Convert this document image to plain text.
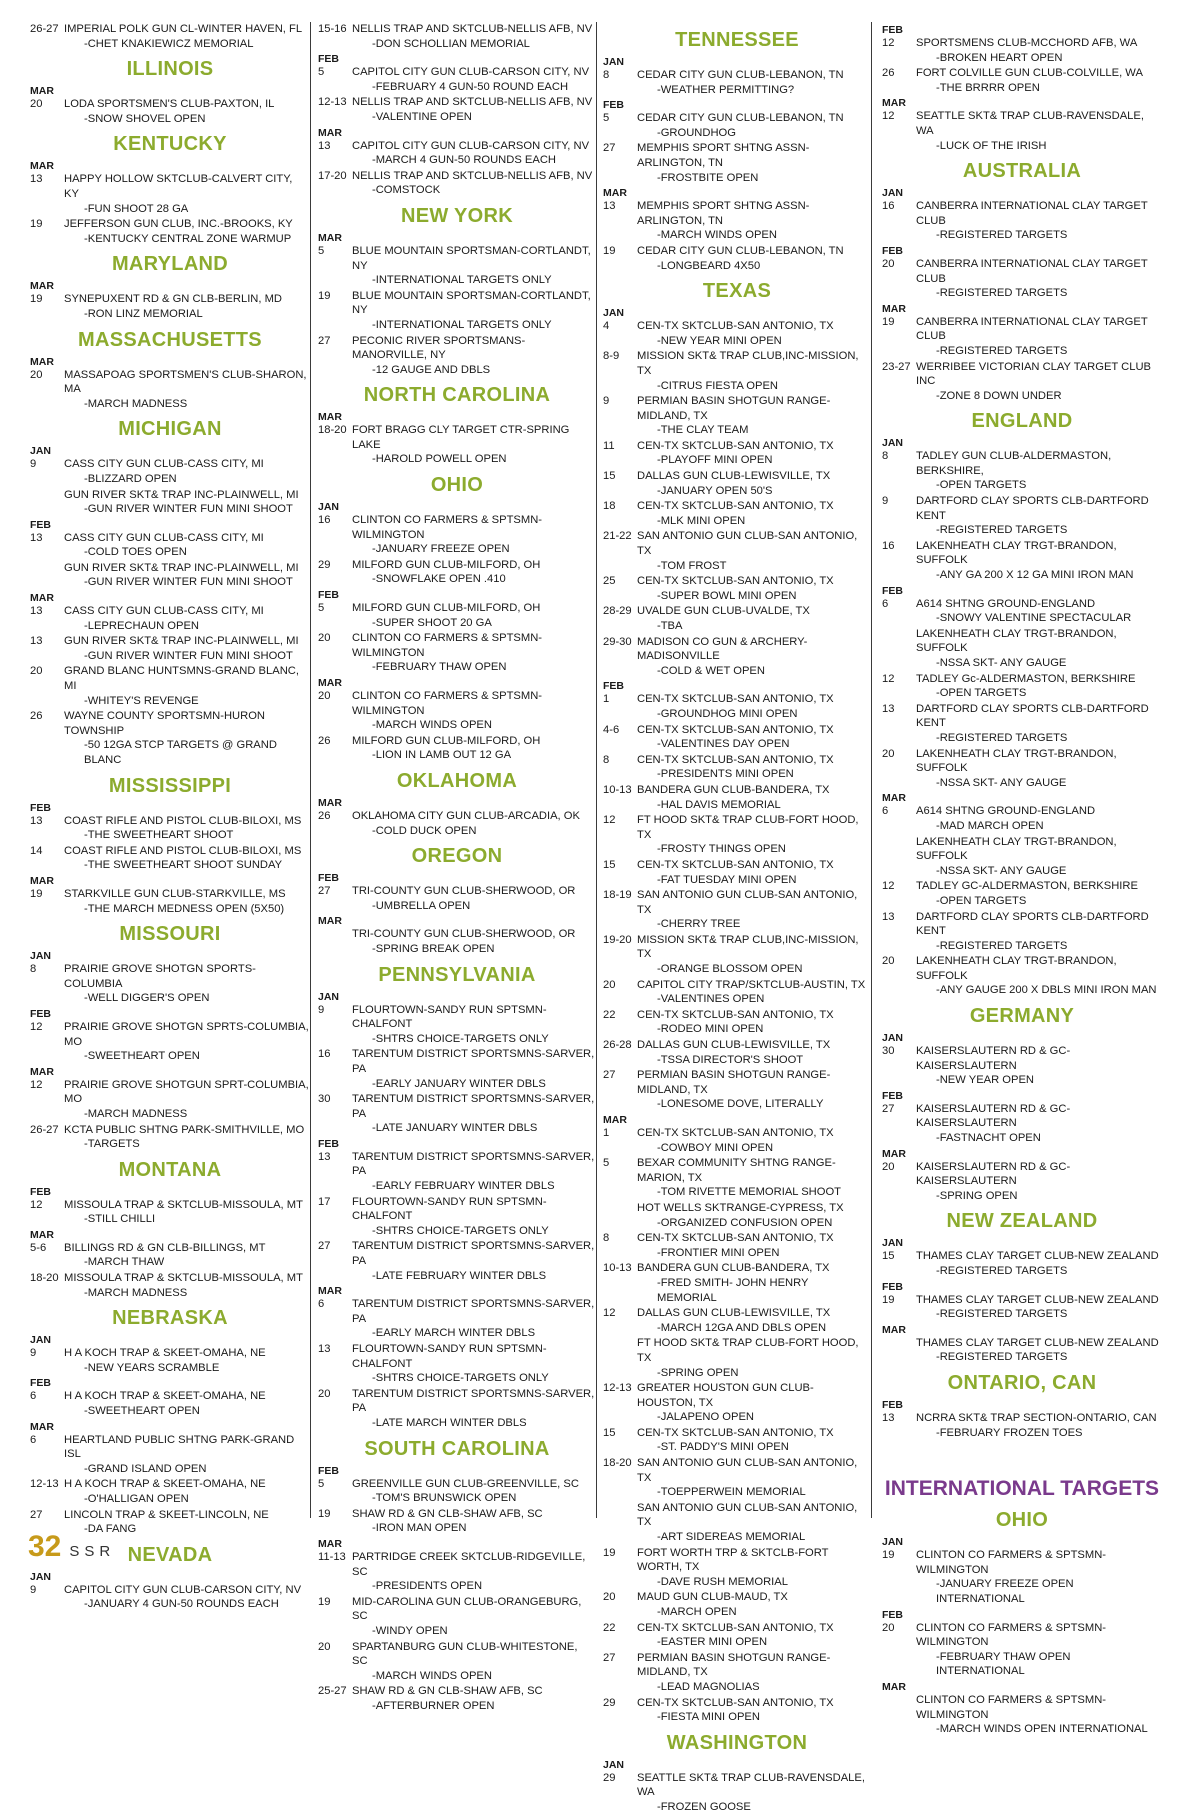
26-27 IMPERIAL POLK GUN CL-WINTER HAVEN, FL
-CHET KNAKIEWICZ MEMORIAL
ILLINOIS
MAR
20	LODA SPORTSMEN'S CLUB-PAXTON, IL
-SNOW SHOVEL OPEN
KENTUCKY
MAR
13	HAPPY HOLLOW SKTCLUB-CALVERT CITY, KY
-FUN SHOOT 28 GA
19	JEFFERSON GUN CLUB, INC.-BROOKS, KY
-KENTUCKY CENTRAL ZONE WARMUP
MARYLAND
MAR
19	SYNEPUXENT RD & GN CLB-BERLIN, MD
-RON LINZ MEMORIAL
MASSACHUSETTS
MAR
20	MASSAPOAG SPORTSMEN'S CLUB-SHARON, MA
-MARCH MADNESS
MICHIGAN
JAN
9	CASS CITY GUN CLUB-CASS CITY, MI
-BLIZZARD OPEN
GUN RIVER SKT& TRAP INC-PLAINWELL, MI
-GUN RIVER WINTER FUN MINI SHOOT
FEB
13	CASS CITY GUN CLUB-CASS CITY, MI
-COLD TOES OPEN
GUN RIVER SKT& TRAP INC-PLAINWELL, MI
-GUN RIVER WINTER FUN MINI SHOOT
MAR
13	CASS CITY GUN CLUB-CASS CITY, MI
-LEPRECHAUN OPEN
13	GUN RIVER SKT& TRAP INC-PLAINWELL, MI
-GUN RIVER WINTER FUN MINI SHOOT
20	GRAND BLANC HUNTSMNS-GRAND BLANC, MI
-WHITEY'S REVENGE
26	WAYNE COUNTY SPORTSMN-HURON TOWNSHIP
-50 12GA STCP TARGETS @ GRAND BLANC
MISSISSIPPI
FEB
13	COAST RIFLE AND PISTOL CLUB-BILOXI, MS
-THE SWEETHEART SHOOT
14	COAST RIFLE AND PISTOL CLUB-BILOXI, MS
-THE SWEETHEART SHOOT SUNDAY
MAR
19	STARKVILLE GUN CLUB-STARKVILLE, MS
-THE MARCH MEDNESS OPEN (5X50)
MISSOURI
JAN
8	PRAIRIE GROVE SHOTGN SPORTS-COLUMBIA
-WELL DIGGER'S OPEN
FEB
12	PRAIRIE GROVE SHOTGN SPRTS-COLUMBIA, MO
-SWEETHEART OPEN
MAR
12	PRAIRIE GROVE SHOTGUN SPRT-COLUMBIA, MO
-MARCH MADNESS
26-27 KCTA PUBLIC SHTNG PARK-SMITHVILLE, MO
-TARGETS
MONTANA
FEB
12	MISSOULA TRAP & SKTCLUB-MISSOULA, MT
-STILL CHILLI
MAR
5-6	BILLINGS RD & GN CLB-BILLINGS, MT
-MARCH THAW
18-20 MISSOULA TRAP & SKTCLUB-MISSOULA, MT
-MARCH MADNESS
NEBRASKA
JAN
9	H A KOCH TRAP & SKEET-OMAHA, NE
-NEW YEARS SCRAMBLE
FEB
6	H A KOCH TRAP & SKEET-OMAHA, NE
-SWEETHEART OPEN
MAR
6	HEARTLAND PUBLIC SHTNG PARK-GRAND ISL
-GRAND ISLAND OPEN
12-13 H A KOCH TRAP & SKEET-OMAHA, NE
-O'HALLIGAN OPEN
27	LINCOLN TRAP & SKEET-LINCOLN, NE
-DA FANG
NEVADA
JAN
9	CAPITOL CITY GUN CLUB-CARSON CITY, NV
-JANUARY 4 GUN-50 ROUNDS EACH
15-16 NELLIS TRAP AND SKTCLUB-NELLIS AFB, NV
-DON SCHOLLIAN MEMORIAL
FEB
5	CAPITOL CITY GUN CLUB-CARSON CITY, NV
-FEBRUARY 4 GUN-50 ROUND EACH
12-13 NELLIS TRAP AND SKTCLUB-NELLIS AFB, NV
-VALENTINE OPEN
MAR
13	CAPITOL CITY GUN CLUB-CARSON CITY, NV
-MARCH 4 GUN-50 ROUNDS EACH
17-20 NELLIS TRAP AND SKTCLUB-NELLIS AFB, NV
-COMSTOCK
NEW YORK
MAR
5	BLUE MOUNTAIN SPORTSMAN-CORTLANDT, NY
-INTERNATIONAL TARGETS ONLY
19	BLUE MOUNTAIN SPORTSMAN-CORTLANDT, NY
-INTERNATIONAL TARGETS ONLY
27	PECONIC RIVER SPORTSMANS-MANORVILLE, NY
-12 GAUGE AND DBLS
NORTH CAROLINA
MAR
18-20 FORT BRAGG CLY TARGET CTR-SPRING LAKE
-HAROLD POWELL OPEN
OHIO
JAN
16	CLINTON CO FARMERS & SPTSMN-WILMINGTON
-JANUARY FREEZE OPEN
29	MILFORD GUN CLUB-MILFORD, OH
-SNOWFLAKE OPEN .410
FEB
5	MILFORD GUN CLUB-MILFORD, OH
-SUPER SHOOT 20 GA
20	CLINTON CO FARMERS & SPTSMN-WILMINGTON
-FEBRUARY THAW OPEN
MAR
20	CLINTON CO FARMERS & SPTSMN-WILMINGTON
-MARCH WINDS OPEN
26	MILFORD GUN CLUB-MILFORD, OH
-LION IN LAMB OUT 12 GA
OKLAHOMA
MAR
26	OKLAHOMA CITY GUN CLUB-ARCADIA, OK
-COLD DUCK OPEN
OREGON
FEB
27	TRI-COUNTY GUN CLUB-SHERWOOD, OR
-UMBRELLA OPEN
MAR
TRI-COUNTY GUN CLUB-SHERWOOD, OR
-SPRING BREAK OPEN
PENNSYLVANIA
JAN
9	FLOURTOWN-SANDY RUN SPTSMN-CHALFONT
-SHTRS CHOICE-TARGETS ONLY
16	TARENTUM DISTRICT SPORTSMNS-SARVER, PA
-EARLY JANUARY WINTER DBLS
30	TARENTUM DISTRICT SPORTSMNS-SARVER, PA
-LATE JANUARY WINTER DBLS
FEB
13	TARENTUM DISTRICT SPORTSMNS-SARVER, PA
-EARLY FEBRUARY WINTER DBLS
17	FLOURTOWN-SANDY RUN SPTSMN-CHALFONT
-SHTRS CHOICE-TARGETS ONLY
27	TARENTUM DISTRICT SPORTSMNS-SARVER, PA
-LATE FEBRUARY WINTER DBLS
MAR
6	TARENTUM DISTRICT SPORTSMNS-SARVER, PA
-EARLY MARCH WINTER DBLS
13	FLOURTOWN-SANDY RUN SPTSMN-CHALFONT
-SHTRS CHOICE-TARGETS ONLY
20	TARENTUM DISTRICT SPORTSMNS-SARVER, PA
-LATE MARCH WINTER DBLS
SOUTH CAROLINA
FEB
5	GREENVILLE GUN CLUB-GREENVILLE, SC
-TOM'S BRUNSWICK OPEN
19	SHAW RD & GN CLB-SHAW AFB, SC
-IRON MAN OPEN
MAR
11-13 PARTRIDGE CREEK SKTCLUB-RIDGEVILLE, SC
-PRESIDENTS OPEN
19	MID-CAROLINA GUN CLUB-ORANGEBURG, SC
-WINDY OPEN
20	SPARTANBURG GUN CLUB-WHITESTONE, SC
-MARCH WINDS OPEN
25-27 SHAW RD & GN CLB-SHAW AFB, SC
-AFTERBURNER OPEN
TENNESSEE
JAN
8	CEDAR CITY GUN CLUB-LEBANON, TN
-WEATHER PERMITTING?
FEB
5	CEDAR CITY GUN CLUB-LEBANON, TN
-GROUNDHOG
27	MEMPHIS SPORT SHTNG ASSN-ARLINGTON, TN
-FROSTBITE OPEN
MAR
13	MEMPHIS SPORT SHTNG ASSN-ARLINGTON, TN
-MARCH WINDS OPEN
19	CEDAR CITY GUN CLUB-LEBANON, TN
-LONGBEARD 4X50
TEXAS
JAN
4	CEN-TX SKTCLUB-SAN ANTONIO, TX
-NEW YEAR MINI OPEN
8-9	MISSION SKT& TRAP CLUB,INC-MISSION, TX
-CITRUS FIESTA OPEN
9	PERMIAN BASIN SHOTGUN RANGE-MIDLAND, TX
-THE CLAY TEAM
11	CEN-TX SKTCLUB-SAN ANTONIO, TX
-PLAYOFF MINI OPEN
15	DALLAS GUN CLUB-LEWISVILLE, TX
-JANUARY OPEN 50'S
18	CEN-TX SKTCLUB-SAN ANTONIO, TX
-MLK MINI OPEN
21-22 SAN ANTONIO GUN CLUB-SAN ANTONIO, TX
-TOM FROST
25	CEN-TX SKTCLUB-SAN ANTONIO, TX
-SUPER BOWL MINI OPEN
28-29 UVALDE GUN CLUB-UVALDE, TX
-TBA
29-30 MADISON CO GUN & ARCHERY-MADISONVILLE
-COLD & WET OPEN
FEB
1	CEN-TX SKTCLUB-SAN ANTONIO, TX
-GROUNDHOG MINI OPEN
4-6	CEN-TX SKTCLUB-SAN ANTONIO, TX
-VALENTINES DAY OPEN
8	CEN-TX SKTCLUB-SAN ANTONIO, TX
-PRESIDENTS MINI OPEN
10-13 BANDERA GUN CLUB-BANDERA, TX
-HAL DAVIS MEMORIAL
12	FT HOOD SKT& TRAP CLUB-FORT HOOD, TX
-FROSTY THINGS OPEN
15	CEN-TX SKTCLUB-SAN ANTONIO, TX
-FAT TUESDAY MINI OPEN
18-19 SAN ANTONIO GUN CLUB-SAN ANTONIO, TX
-CHERRY TREE
19-20 MISSION SKT& TRAP CLUB,INC-MISSION, TX
-ORANGE BLOSSOM OPEN
20	CAPITOL CITY TRAP/SKTCLUB-AUSTIN, TX
-VALENTINES OPEN
22	CEN-TX SKTCLUB-SAN ANTONIO, TX
-RODEO MINI OPEN
26-28 DALLAS GUN CLUB-LEWISVILLE, TX
-TSSA DIRECTOR'S SHOOT
27	PERMIAN BASIN SHOTGUN RANGE-MIDLAND, TX
-LONESOME DOVE, LITERALLY
MAR
1	CEN-TX SKTCLUB-SAN ANTONIO, TX
-COWBOY MINI OPEN
5	BEXAR COMMUNITY SHTNG RANGE-MARION, TX
-TOM RIVETTE MEMORIAL SHOOT
HOT WELLS SKTRANGE-CYPRESS, TX
-ORGANIZED CONFUSION OPEN
8	CEN-TX SKTCLUB-SAN ANTONIO, TX
-FRONTIER MINI OPEN
10-13 BANDERA GUN CLUB-BANDERA, TX
-FRED SMITH- JOHN HENRY MEMORIAL
12	DALLAS GUN CLUB-LEWISVILLE, TX
-MARCH 12GA AND DBLS OPEN
FT HOOD SKT& TRAP CLUB-FORT HOOD, TX
-SPRING OPEN
12-13 GREATER HOUSTON GUN CLUB-HOUSTON, TX
-JALAPENO OPEN
15	CEN-TX SKTCLUB-SAN ANTONIO, TX
-ST. PADDY'S MINI OPEN
18-20 SAN ANTONIO GUN CLUB-SAN ANTONIO, TX
-TOEPPERWEIN MEMORIAL
SAN ANTONIO GUN CLUB-SAN ANTONIO, TX
-ART SIDEREAS MEMORIAL
19	FORT WORTH TRP & SKTCLB-FORT WORTH, TX
-DAVE RUSH MEMORIAL
20	MAUD GUN CLUB-MAUD, TX
-MARCH OPEN
22	CEN-TX SKTCLUB-SAN ANTONIO, TX
-EASTER MINI OPEN
27	PERMIAN BASIN SHOTGUN RANGE-MIDLAND, TX
-LEAD MAGNOLIAS
29	CEN-TX SKTCLUB-SAN ANTONIO, TX
-FIESTA MINI OPEN
WASHINGTON
JAN
29	SEATTLE SKT& TRAP CLUB-RAVENSDALE, WA
-FROZEN GOOSE
FEB
12	SPORTSMENS CLUB-MCCHORD AFB, WA
-BROKEN HEART OPEN
26	FORT COLVILLE GUN CLUB-COLVILLE, WA
-THE BRRRR OPEN
MAR
12	SEATTLE SKT& TRAP CLUB-RAVENSDALE, WA
-LUCK OF THE IRISH
AUSTRALIA
JAN
16	CANBERRA INTERNATIONAL CLAY TARGET CLUB
-REGISTERED TARGETS
FEB
20	CANBERRA INTERNATIONAL CLAY TARGET CLUB
-REGISTERED TARGETS
MAR
19	CANBERRA INTERNATIONAL CLAY TARGET CLUB
-REGISTERED TARGETS
23-27 WERRIBEE VICTORIAN CLAY TARGET CLUB INC
-ZONE 8 DOWN UNDER
ENGLAND
JAN
8	TADLEY GUN CLUB-ALDERMASTON, BERKSHIRE,
-OPEN TARGETS
9	DARTFORD CLAY SPORTS CLB-DARTFORD KENT
-REGISTERED TARGETS
16	LAKENHEATH CLAY TRGT-BRANDON, SUFFOLK
-ANY GA 200 X 12 GA MINI IRON MAN
FEB
6	A614 SHTNG GROUND-ENGLAND
-SNOWY VALENTINE SPECTACULAR
LAKENHEATH CLAY TRGT-BRANDON, SUFFOLK
-NSSA SKT- ANY GAUGE
12	TADLEY Gc-ALDERMASTON, BERKSHIRE
-OPEN TARGETS
13	DARTFORD CLAY SPORTS CLB-DARTFORD KENT
-REGISTERED TARGETS
20	LAKENHEATH CLAY TRGT-BRANDON, SUFFOLK
-NSSA SKT- ANY GAUGE
MAR
6	A614 SHTNG GROUND-ENGLAND
-MAD MARCH OPEN
LAKENHEATH CLAY TRGT-BRANDON, SUFFOLK
-NSSA SKT- ANY GAUGE
12	TADLEY GC-ALDERMASTON, BERKSHIRE
-OPEN TARGETS
13	DARTFORD CLAY SPORTS CLB-DARTFORD KENT
-REGISTERED TARGETS
20	LAKENHEATH CLAY TRGT-BRANDON, SUFFOLK
-ANY GAUGE 200 X DBLS MINI IRON MAN
GERMANY
JAN
30	KAISERSLAUTERN RD & GC-KAISERSLAUTERN
-NEW YEAR OPEN
FEB
27	KAISERSLAUTERN RD & GC-KAISERSLAUTERN
-FASTNACHT OPEN
MAR
20	KAISERSLAUTERN RD & GC-KAISERSLAUTERN
-SPRING OPEN
NEW ZEALAND
JAN
15	THAMES CLAY TARGET CLUB-NEW ZEALAND
-REGISTERED TARGETS
FEB
19	THAMES CLAY TARGET CLUB-NEW ZEALAND
-REGISTERED TARGETS
MAR
THAMES CLAY TARGET CLUB-NEW ZEALAND
-REGISTERED TARGETS
ONTARIO, CAN
FEB
13	NCRRA SKT& TRAP SECTION-ONTARIO, CAN
-FEBRUARY FROZEN TOES
INTERNATIONAL TARGETS
OHIO
JAN
19	CLINTON CO FARMERS & SPTSMN-WILMINGTON
-JANUARY FREEZE OPEN INTERNATIONAL
FEB
20	CLINTON CO FARMERS & SPTSMN-WILMINGTON
-FEBRUARY THAW OPEN INTERNATIONAL
MAR
CLINTON CO FARMERS & SPTSMN-WILMINGTON
-MARCH WINDS OPEN INTERNATIONAL
32 SSR
